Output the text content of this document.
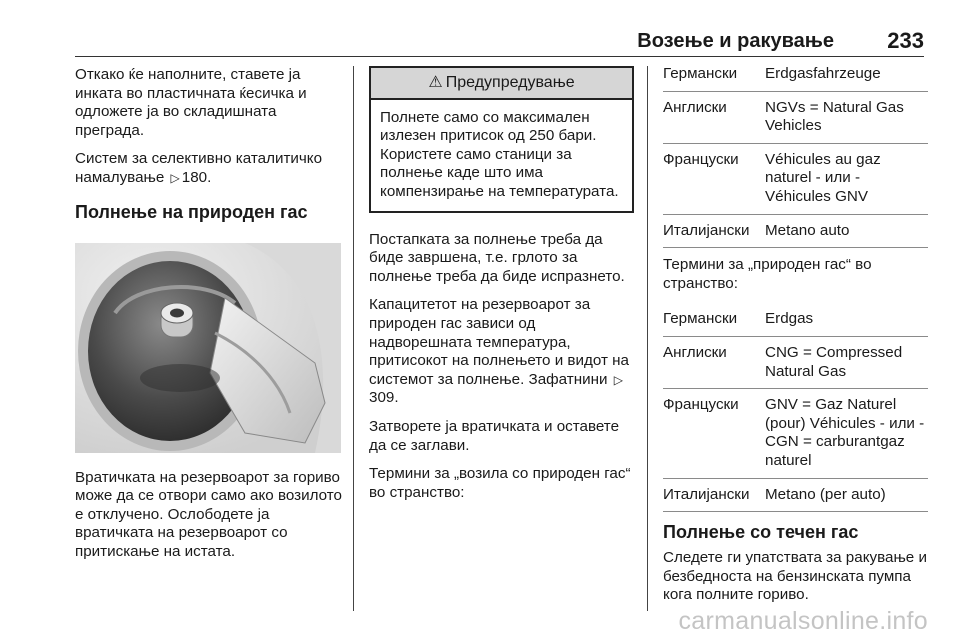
Возење и ракување 233

Откако ќе наполните, ставете ја инката во пластичната ќесичка и одложете ја во складишната преграда.

Систем за селективно каталитичко намалување ▷ 180.

Полнење на природен гас

Вратичката на резервоарот за гориво може да се отвори само ако возилото е отклучено. Ослободете ја вратичката на резервоарот со притискање на истата.

⚠ Предупредување
Полнете само со максимален излезен притисок од 250 бари. Користете само станици за полнење каде што има компензирање на температурата.

Постапката за полнење треба да биде завршена, т.е. грлото за полнење треба да биде испразнето.

Капацитетот на резервоарот за природен гас зависи од надворешната температура, притисокот на полнењето и видот на системот за полнење. Зафатнини ▷309.

Затворете ја вратичката и оставете да се заглави.

Термини за „возила со природен гас“ во странство:

Германски	Erdgasfahrzeuge
Англиски	NGVs = Natural Gas Vehicles
Француски	Véhicules au gaz naturel - или - Véhicules GNV
Италијански	Metano auto

Термини за „природен гас“ во странство:

Германски	Erdgas
Англиски	CNG = Compressed Natural Gas
Француски	GNV = Gaz Naturel (pour) Véhicules - или - CGN = carburantgaz naturel
Италијански	Metano (per auto)
Полнење со течен гас

Следете ги упатствата за ракување и безбедноста на бензинската пумпа кога полните гориво.

carmanualsonline.info
